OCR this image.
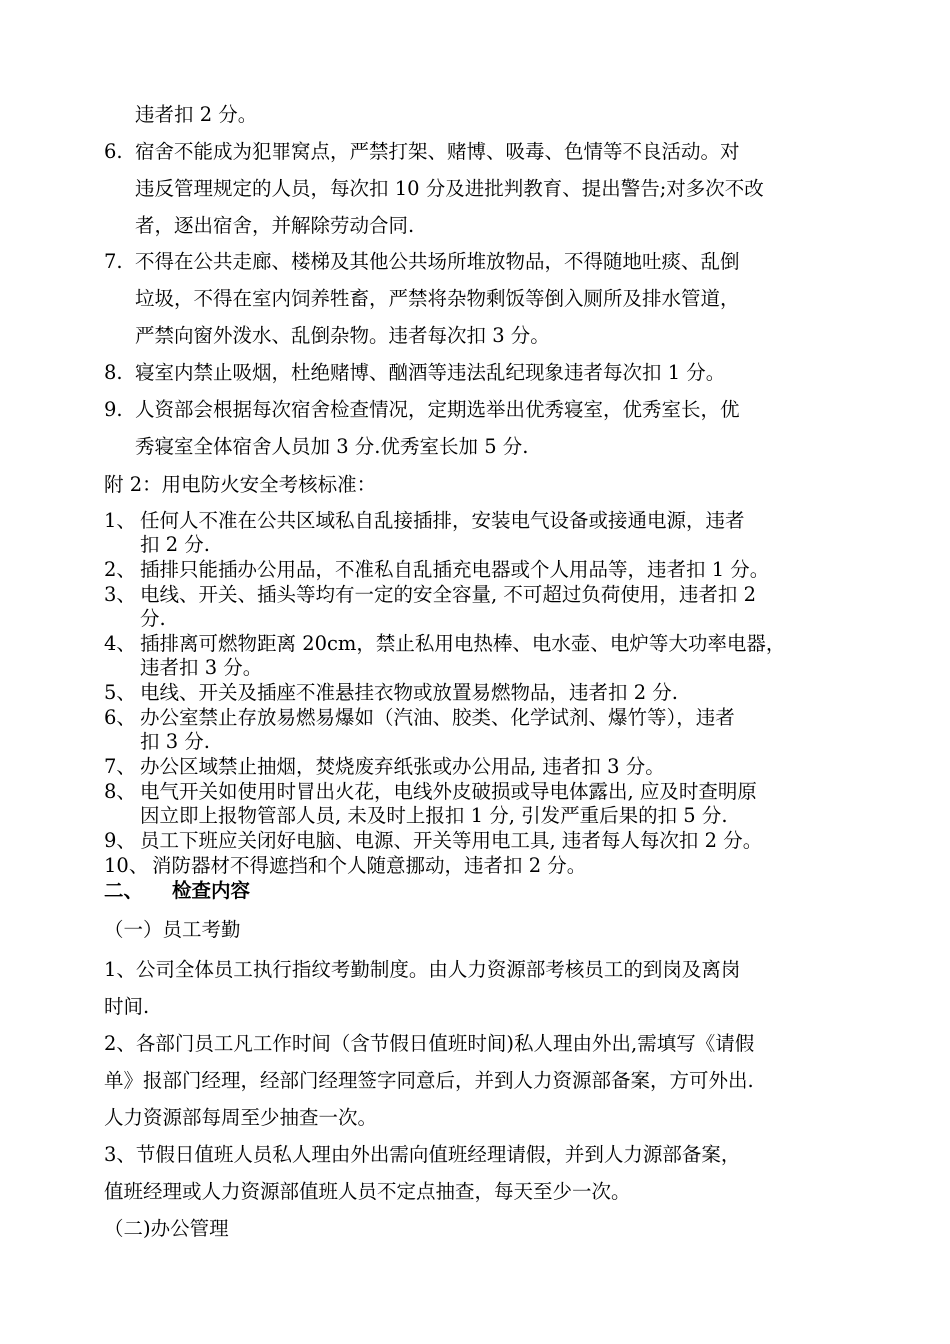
违者扣 2 分。
6. 宿舍不能成为犯罪窝点，严禁打架、赌博、吸毒、色情等不良活动。对
违反管理规定的人员，每次扣 10 分及进批判教育、提出警告;对多次不改
者，逐出宿舍，并解除劳动合同.
7. 不得在公共走廊、楼梯及其他公共场所堆放物品，不得随地吐痰、乱倒
垃圾，不得在室内饲养牲畜，严禁将杂物剩饭等倒入厕所及排水管道，
严禁向窗外泼水、乱倒杂物。违者每次扣 3 分。
8. 寝室内禁止吸烟，杜绝赌博、酗酒等违法乱纪现象违者每次扣 1 分。
9. 人资部会根据每次宿舍检查情况，定期选举出优秀寝室，优秀室长，优
秀寝室全体宿舍人员加 3 分.优秀室长加 5 分.
附 2：用电防火安全考核标准：
1、 任何人不准在公共区域私自乱接插排，安装电气设备或接通电源，违者
扣 2 分.
2、 插排只能插办公用品，不准私自乱插充电器或个人用品等，违者扣 1 分。
3、 电线、开关、插头等均有一定的安全容量, 不可超过负荷使用，违者扣 2
分.
4、 插排离可燃物距离 20cm，禁止私用电热棒、电水壶、电炉等大功率电器，
违者扣 3 分。
5、 电线、开关及插座不准悬挂衣物或放置易燃物品，违者扣 2 分.
6、 办公室禁止存放易燃易爆如（汽油、胶类、化学试剂、爆竹等），违者
扣 3 分.
7、 办公区域禁止抽烟，焚烧废弃纸张或办公用品, 违者扣 3 分。
8、 电气开关如使用时冒出火花，电线外皮破损或导电体露出, 应及时查明原
因立即上报物管部人员, 未及时上报扣 1 分, 引发严重后果的扣 5 分.
9、 员工下班应关闭好电脑、电源、开关等用电工具, 违者每人每次扣 2 分。
10、 消防器材不得遮挡和个人随意挪动，违者扣 2 分。
二、 检查内容
（一）员工考勤
1、公司全体员工执行指纹考勤制度。由人力资源部考核员工的到岗及离岗
时间.
2、各部门员工凡工作时间（含节假日值班时间)私人理由外出,需填写《请假
单》报部门经理，经部门经理签字同意后，并到人力资源部备案，方可外出.
人力资源部每周至少抽查一次。
3、节假日值班人员私人理由外出需向值班经理请假，并到人力源部备案，
值班经理或人力资源部值班人员不定点抽查，每天至少一次。
（二)办公管理
